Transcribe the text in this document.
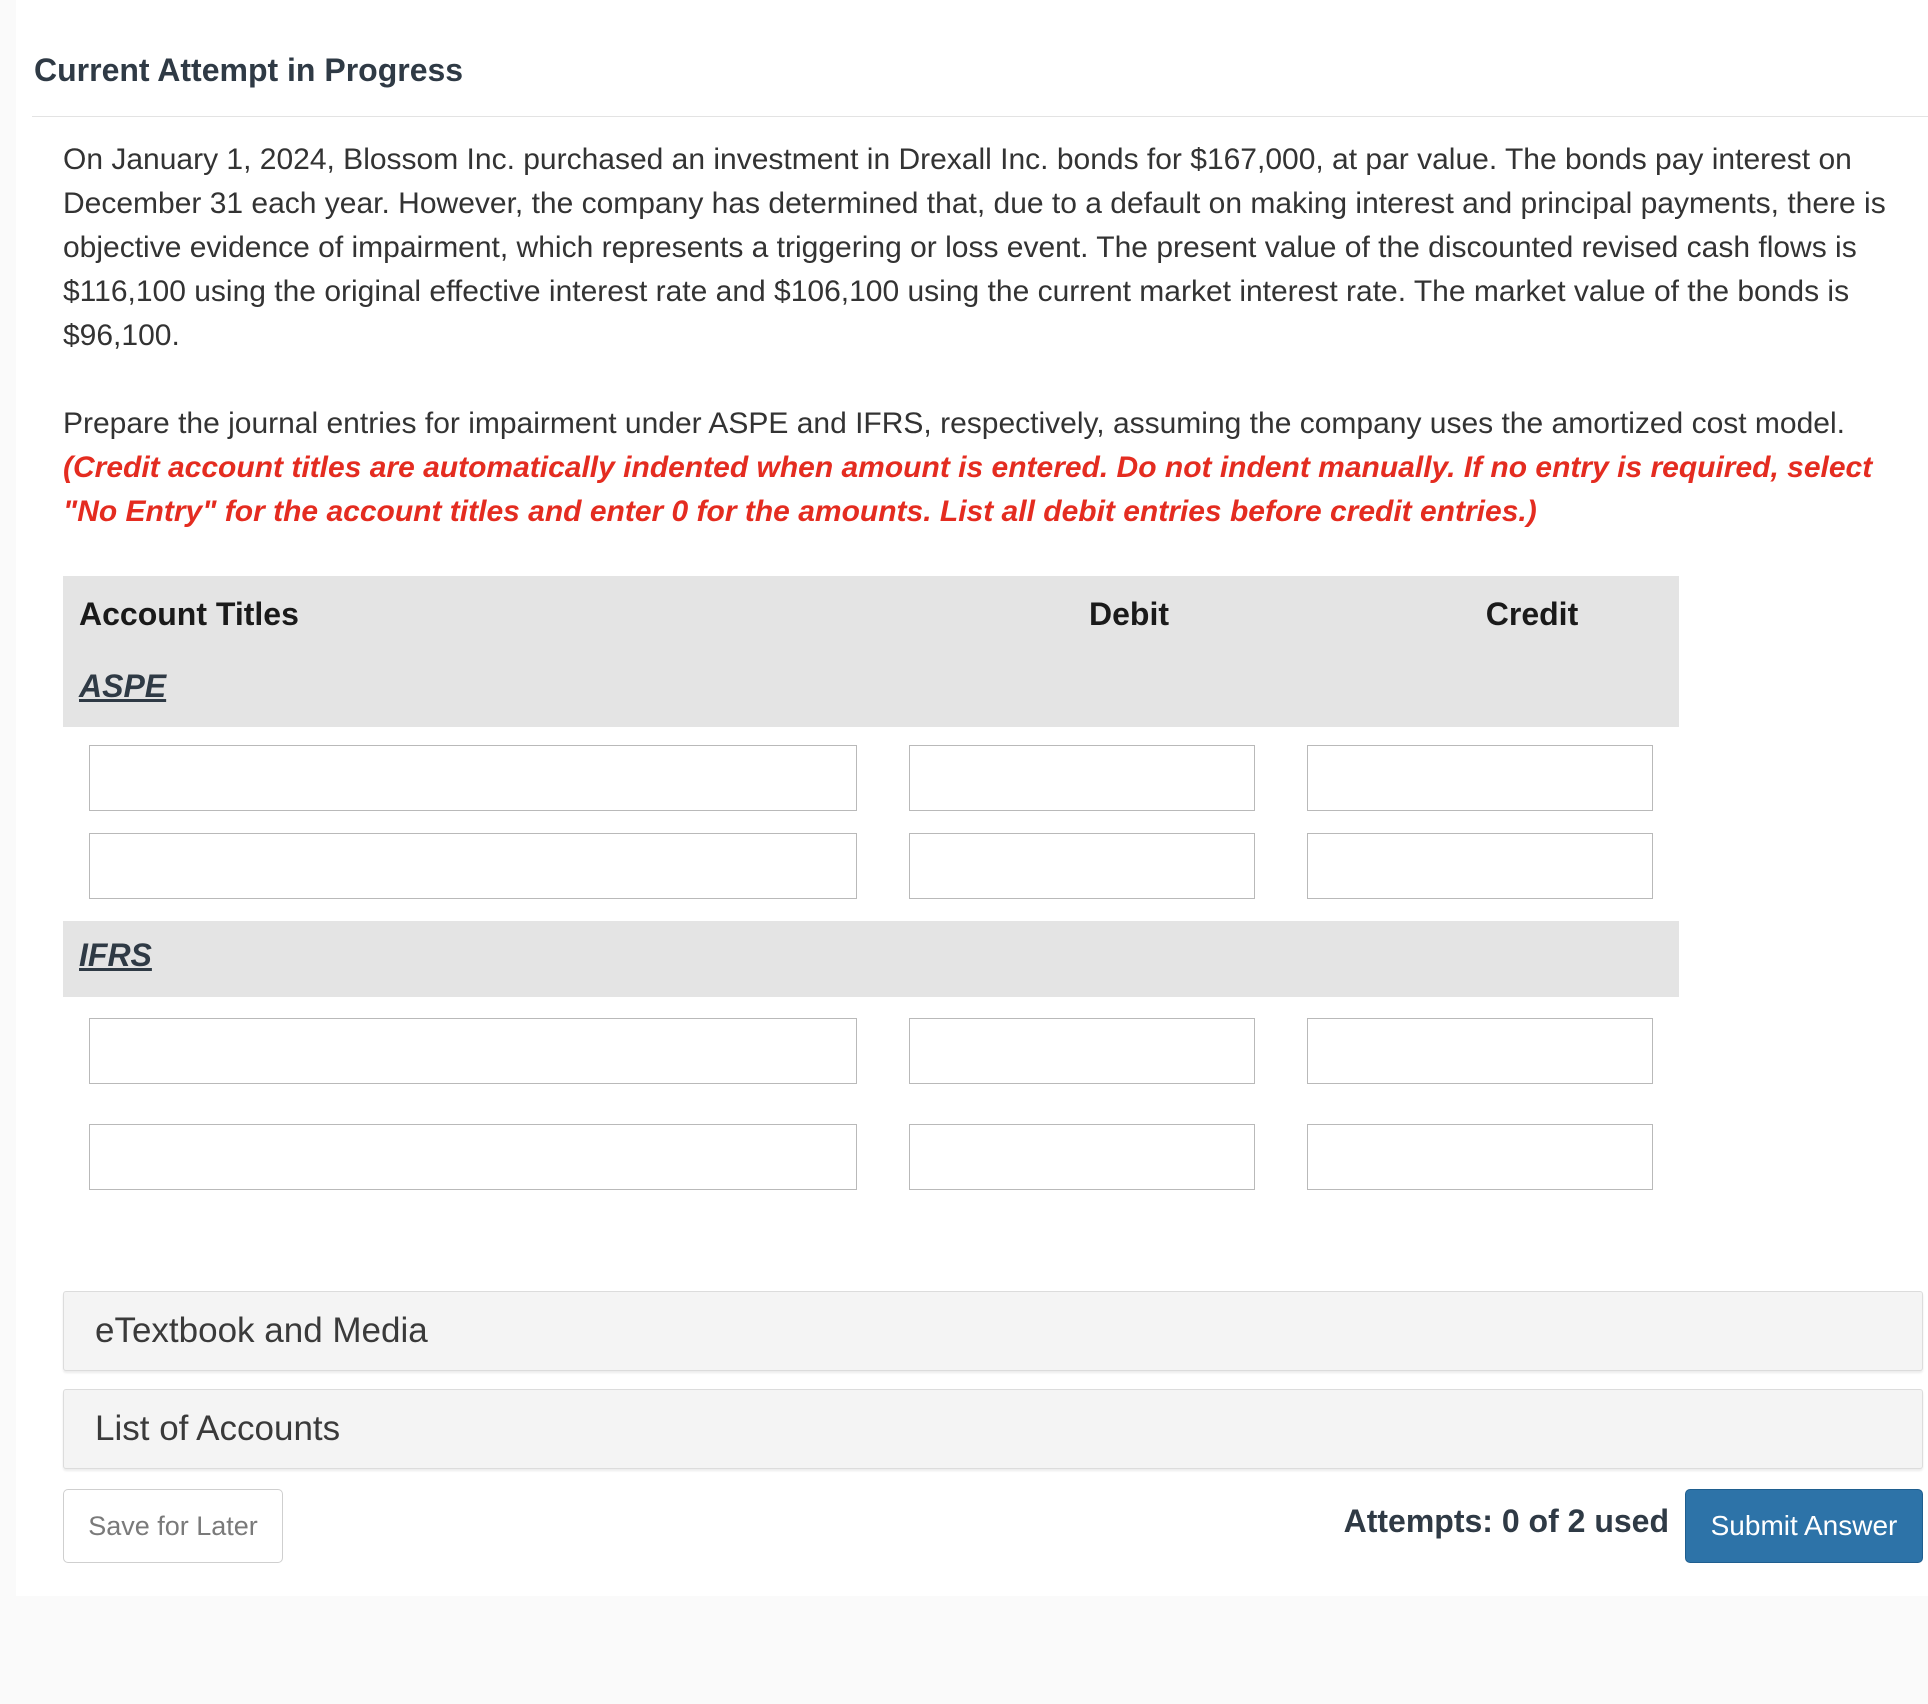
Current Attempt in Progress

On January 1, 2024, Blossom Inc. purchased an investment in Drexall Inc. bonds for $167,000, at par value. The bonds pay interest on December 31 each year. However, the company has determined that, due to a default on making interest and principal payments, there is objective evidence of impairment, which represents a triggering or loss event. The present value of the discounted revised cash flows is $116,100 using the original effective interest rate and $106,100 using the current market interest rate. The market value of the bonds is $96,100.

Prepare the journal entries for impairment under ASPE and IFRS, respectively, assuming the company uses the amortized cost model.
(Credit account titles are automatically indented when amount is entered. Do not indent manually. If no entry is required, select "No Entry" for the account titles and enter 0 for the amounts. List all debit entries before credit entries.)

Account Titles	Debit	Credit
ASPE
IFRS
eTextbook and Media
List of Accounts
Save for Later	Attempts: 0 of 2 used	Submit Answer
